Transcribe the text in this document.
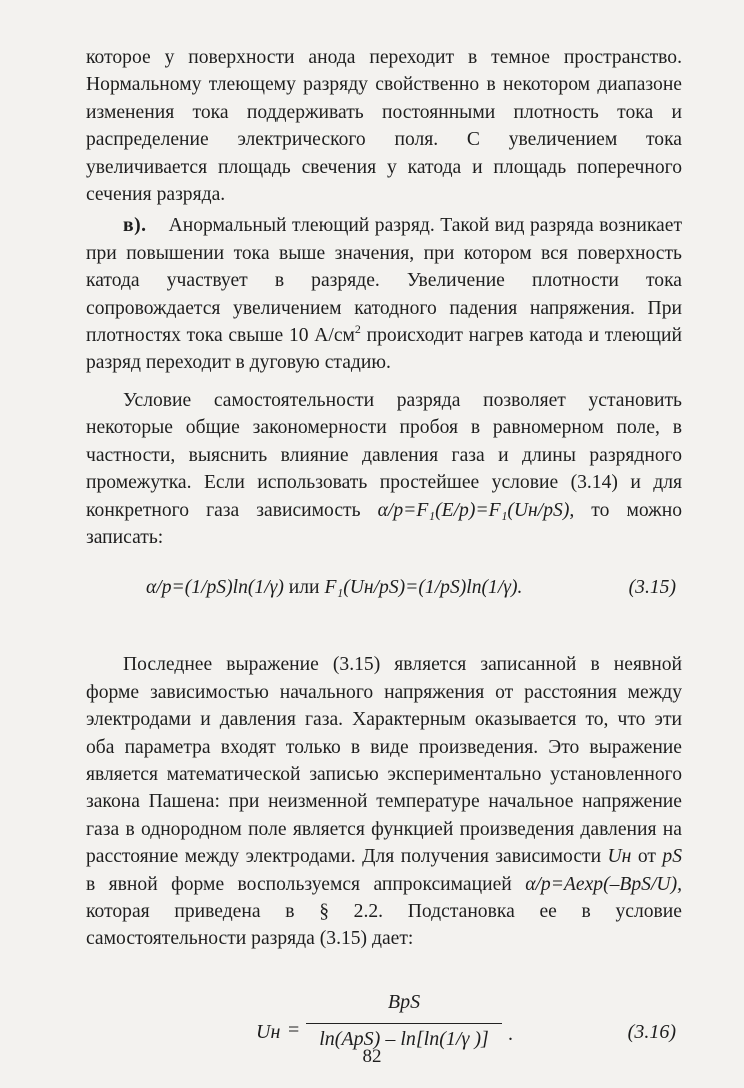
которое у поверхности анода переходит в темное пространство. Нормальному тлеющему разряду свойственно в некотором диапазоне изменения тока поддерживать постоянными плотность тока и распределение электрического поля. С увеличением тока увеличивается площадь свечения у катода и площадь поперечного сечения разряда.

в). Анормальный тлеющий разряд. Такой вид разряда возникает при повышении тока выше значения, при котором вся поверхность катода участвует в разряде. Увеличение плотности тока сопровождается увеличением катодного падения напряжения. При плотностях тока свыше 10 $А/см^2$ происходит нагрев катода и тлеющий разряд переходит в дуговую стадию.

Условие самостоятельности разряда позволяет установить некоторые общие закономерности пробоя в равномерном поле, в частности, выяснить влияние давления газа и длины разрядного промежутка. Если использовать простейшее условие (3.14) и для конкретного газа зависимость α/p=F₁(E/p)=F₁(Uн/pS), то можно записать:

α/p=(1/pS)ln(1/γ) или F₁(Uн/pS)=(1/pS)ln(1/γ).	(3.15)

Последнее выражение (3.15) является записанной в неявной форме зависимостью начального напряжения от расстояния между электродами и давления газа. Характерным оказывается то, что эти оба параметра входят только в виде произведения. Это выражение является математической записью экспериментально установленного закона Пашена: при неизменной температуре начальное напряжение газа в однородном поле является функцией произведения давления на расстояние между электродами. Для получения зависимости Uн от pS в явной форме воспользуемся аппроксимацией α/p=Aexp(–BpS/U), которая приведена в § 2.2. Подстановка ее в условие самостоятельности разряда (3.15) дает:

Uн =
BpS
ln(ApS) – ln[ln(1/γ )] .	(3.16)
82
